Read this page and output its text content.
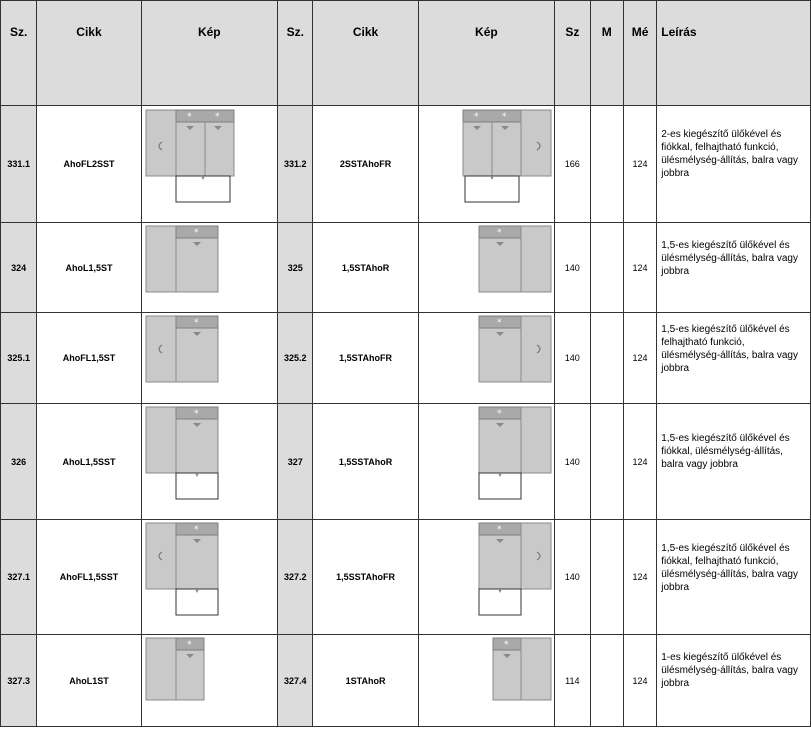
Sz.	Cikk	Kép	Sz.	Cikk	Kép	Sz	M	Mé	Leírás
331.1	AhoFL2SST	* *	331.2	2SSTAhoFR	* *	166		124	2-es kiegészítő ülőkével és fiókkal, felhajtható funkció, ülésmélység-állítás, balra vagy jobbra
324	AhoL1,5ST	*	325	1,5STAhoR	*	140		124	1,5-es kiegészítő ülőkével és ülésmélység-állítás, balra vagy jobbra
325.1	AhoFL1,5ST	*	325.2	1,5STAhoFR	*	140		124	1,5-es kiegészítő ülőkével és felhajtható funkció, ülésmélység-állítás, balra vagy jobbra
326	AhoL1,5SST	*	327	1,5SSTAhoR	*	140		124	1,5-es kiegészítő ülőkével és fiókkal, ülésmélység-állítás, balra vagy jobbra
327.1	AhoFL1,5SST	*	327.2	1,5SSTAhoFR	*	140		124	1,5-es kiegészítő ülőkével és fiókkal, felhajtható funkció, ülésmélység-állítás, balra vagy jobbra
327.3	AhoL1ST	*	327.4	1STAhoR	*	114		124	1-es kiegészítő ülőkével és ülésmélység-állítás, balra vagy jobbra
